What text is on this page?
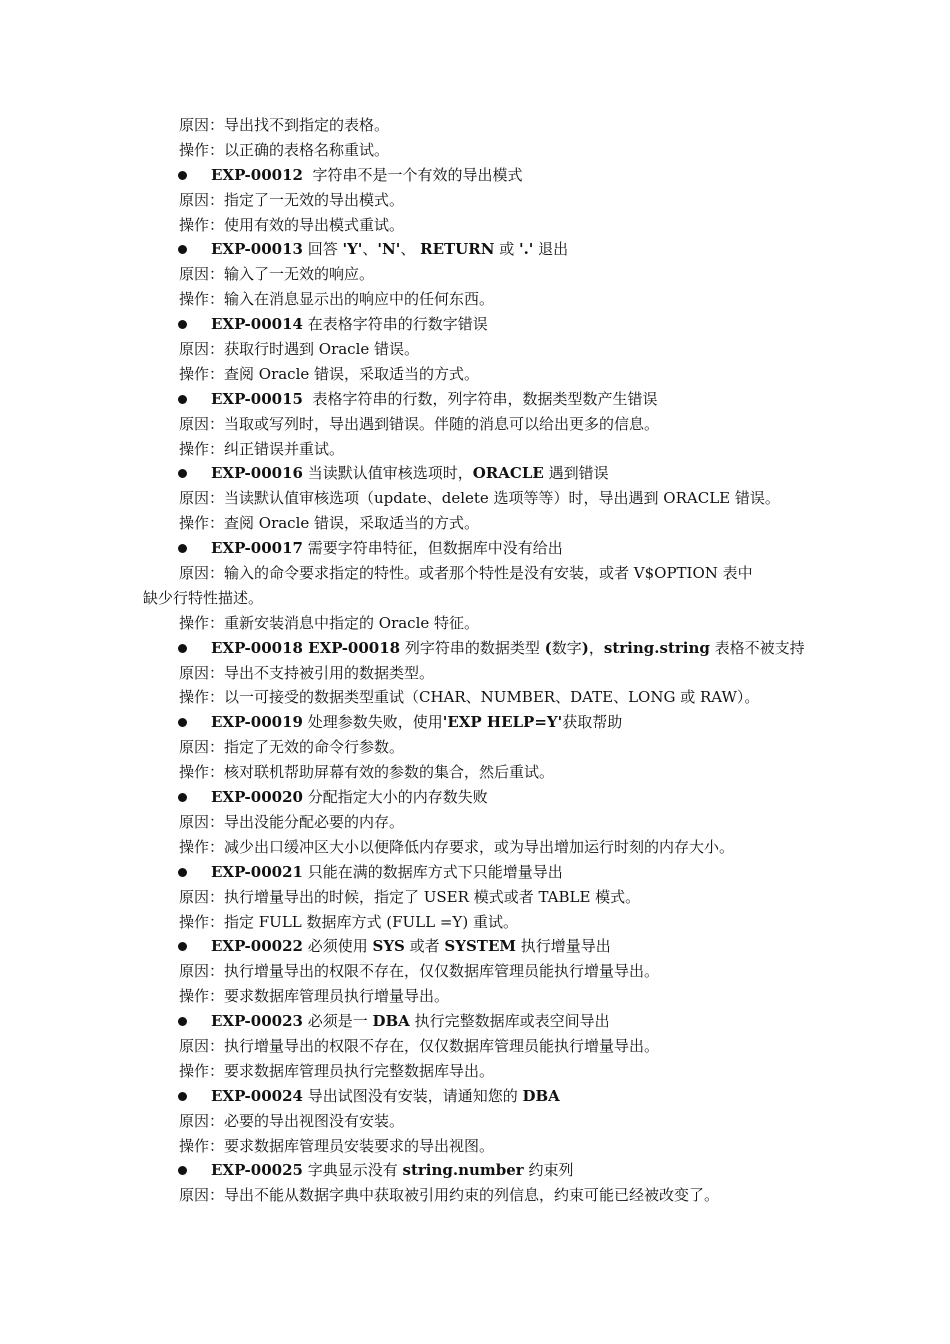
原因：导出找不到指定的表格。
操作：以正确的表格名称重试。
EXP-00012  字符串不是一个有效的导出模式
原因：指定了一无效的导出模式。
操作：使用有效的导出模式重试。
EXP-00013 回答 'Y'、'N'、 RETURN 或 '.' 退出
原因：输入了一无效的响应。
操作：输入在消息显示出的响应中的任何东西。
EXP-00014 在表格字符串的行数字错误
原因：获取行时遇到 Oracle 错误。
操作：查阅 Oracle 错误，采取适当的方式。
EXP-00015  表格字符串的行数，列字符串，数据类型数产生错误
原因：当取或写列时，导出遇到错误。伴随的消息可以给出更多的信息。
操作：纠正错误并重试。
EXP-00016 当读默认值审核选项时，ORACLE 遇到错误
原因：当读默认值审核选项（update、delete 选项等等）时，导出遇到 ORACLE 错误。
操作：查阅 Oracle 错误，采取适当的方式。
EXP-00017 需要字符串特征，但数据库中没有给出
原因：输入的命令要求指定的特性。或者那个特性是没有安装，或者 V$OPTION 表中
缺少行特性描述。
操作：重新安装消息中指定的 Oracle 特征。
EXP-00018 EXP-00018 列字符串的数据类型 (数字)，string.string 表格不被支持
原因：导出不支持被引用的数据类型。
操作：以一可接受的数据类型重试（CHAR、NUMBER、DATE、LONG 或 RAW）。
EXP-00019 处理参数失败，使用'EXP HELP=Y'获取帮助
原因：指定了无效的命令行参数。
操作：核对联机帮助屏幕有效的参数的集合，然后重试。
EXP-00020 分配指定大小的内存数失败
原因：导出没能分配必要的内存。
操作：减少出口缓冲区大小以便降低内存要求，或为导出增加运行时刻的内存大小。
EXP-00021 只能在满的数据库方式下只能增量导出
原因：执行增量导出的时候，指定了 USER 模式或者 TABLE 模式。
操作：指定 FULL 数据库方式 (FULL =Y) 重试。
EXP-00022 必须使用 SYS 或者 SYSTEM 执行增量导出
原因：执行增量导出的权限不存在，仅仅数据库管理员能执行增量导出。
操作：要求数据库管理员执行增量导出。
EXP-00023 必须是一 DBA 执行完整数据库或表空间导出
原因：执行增量导出的权限不存在，仅仅数据库管理员能执行增量导出。
操作：要求数据库管理员执行完整数据库导出。
EXP-00024 导出试图没有安装，请通知您的 DBA
原因：必要的导出视图没有安装。
操作：要求数据库管理员安装要求的导出视图。
EXP-00025 字典显示没有 string.number 约束列
原因：导出不能从数据字典中获取被引用约束的列信息，约束可能已经被改变了。
